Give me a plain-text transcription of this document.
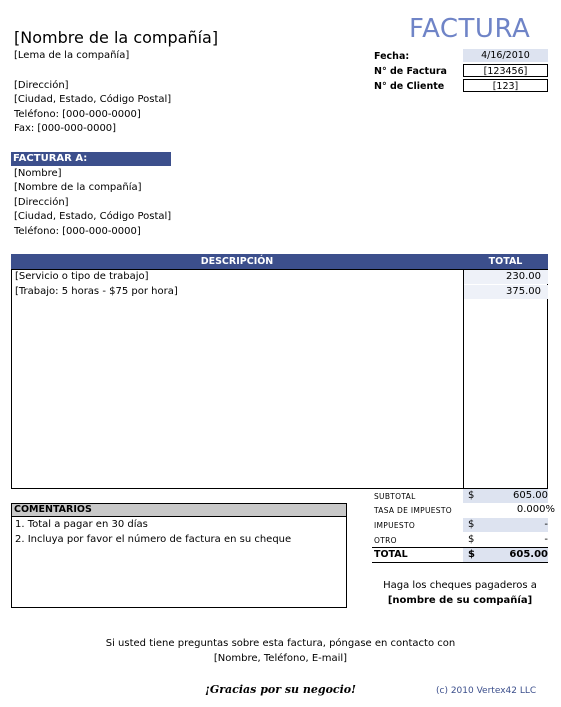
[Nombre de la compañía]	FACTURA
[Lema de la compañía]
[Dirección]
[Ciudad, Estado, Código Postal]
Teléfono: [000-000-0000]
Fax: [000-000-0000]
Fecha:	4/16/2010
N° de Factura	[123456]
N° de Cliente	[123]
FACTURAR A:
[Nombre]
[Nombre de la compañía]
[Dirección]
[Ciudad, Estado, Código Postal]
Teléfono: [000-000-0000]
DESCRIPCIÓN	TOTAL
[Servicio o tipo de trabajo]	230.00
[Trabajo: 5 horas - $75 por hora]	375.00
COMENTARIOS
1. Total a pagar en 30 días
2. Incluya por favor el número de factura en su cheque
SUBTOTAL	$	605.00
TASA DE IMPUESTO	0.000%
IMPUESTO	$	-
OTRO	$	-
TOTAL	$	605.00
Haga los cheques pagaderos a
[nombre de su compañía]
Si usted tiene preguntas sobre esta factura, póngase en contacto con
[Nombre, Teléfono, E-mail]
¡Gracias por su negocio!	(c) 2010 Vertex42 LLC
